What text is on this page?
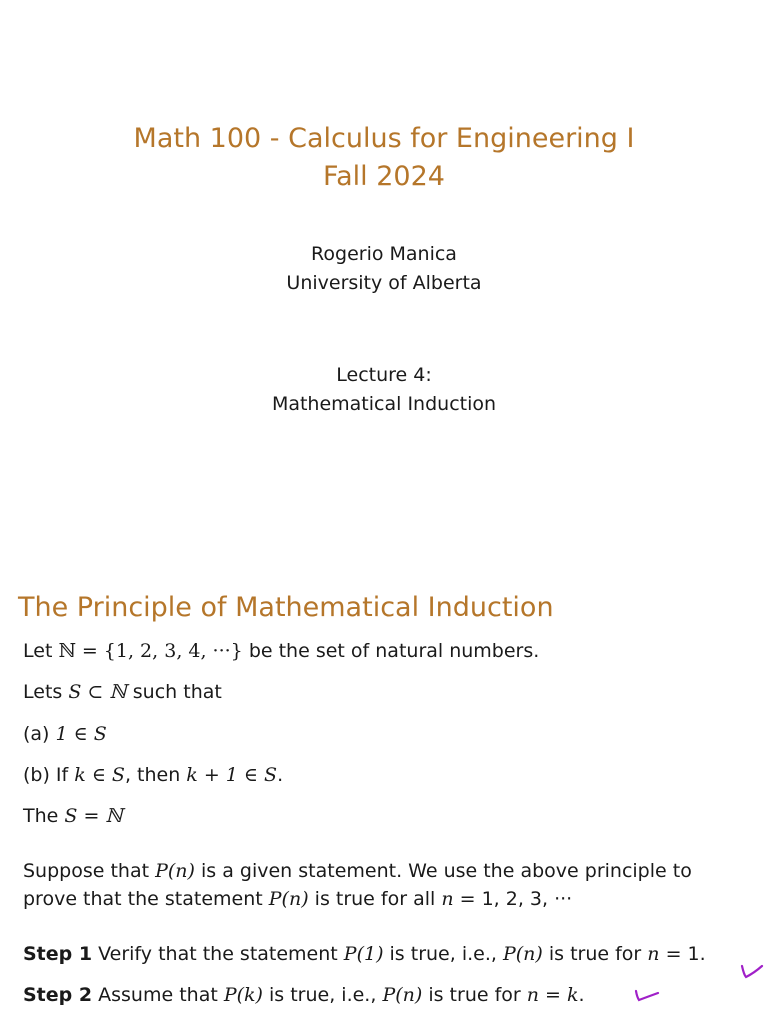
Math 100 - Calculus for Engineering I
Fall 2024
Rogerio Manica
University of Alberta
Lecture 4:
Mathematical Induction
The Principle of Mathematical Induction
Let ℕ = {1, 2, 3, 4, ···} be the set of natural numbers.
Lets S ⊂ ℕ such that
(a) 1 ∈ S
(b) If k ∈ S, then k + 1 ∈ S.
The S = ℕ
Suppose that P(n) is a given statement. We use the above principle to
prove that the statement P(n) is true for all n = 1, 2, 3, ···
Step 1 Verify that the statement P(1) is true, i.e., P(n) is true for n = 1.
Step 2 Assume that P(k) is true, i.e., P(n) is true for n = k.
